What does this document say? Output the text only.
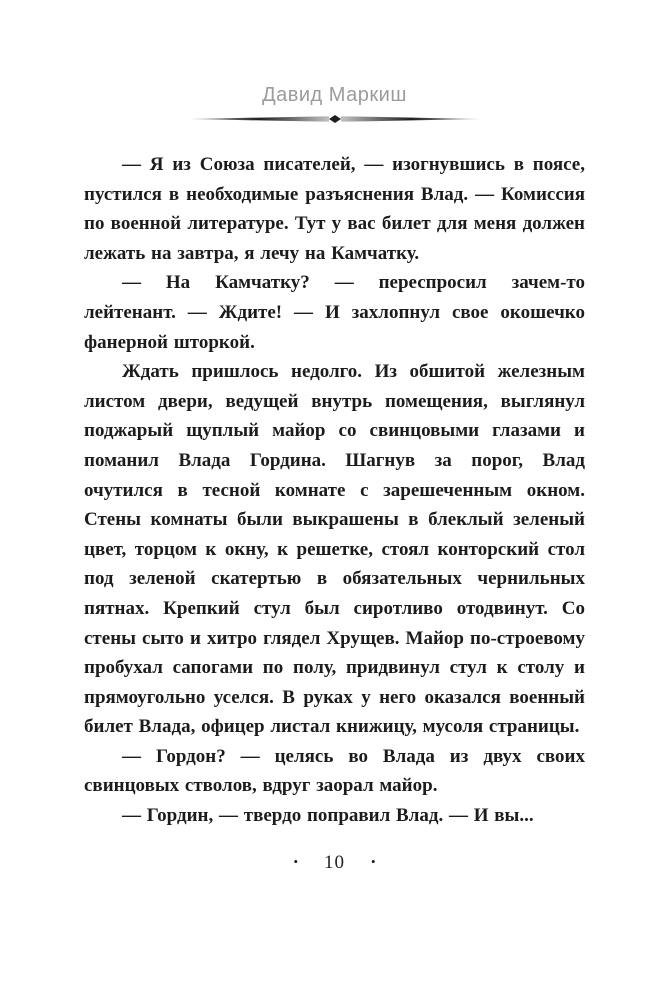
Давид Маркиш

— Я из Союза писателей, — изогнувшись в поясе, пустился в необходимые разъяснения Влад. — Комиссия по военной литературе. Тут у вас билет для меня должен лежать на завтра, я лечу на Камчатку.

— На Камчатку? — переспросил зачем-то лейтенант. — Ждите! — И захлопнул свое окошечко фанерной шторкой.

Ждать пришлось недолго. Из обшитой железным листом двери, ведущей внутрь помещения, выглянул поджарый щуплый майор со свинцовыми глазами и поманил Влада Гордина. Шагнув за порог, Влад очутился в тесной комнате с зарешеченным окном. Стены комнаты были выкрашены в блеклый зеленый цвет, торцом к окну, к решетке, стоял конторский стол под зеленой скатертью в обязательных чернильных пятнах. Крепкий стул был сиротливо отодвинут. Со стены сыто и хитро глядел Хрущев. Майор по-строевому пробухал сапогами по полу, придвинул стул к столу и прямоугольно уселся. В руках у него оказался военный билет Влада, офицер листал книжицу, мусоля страницы.

— Гордон? — целясь во Влада из двух своих свинцовых стволов, вдруг заорал майор.

— Гордин, — твердо поправил Влад. — И вы...

• 10 •
